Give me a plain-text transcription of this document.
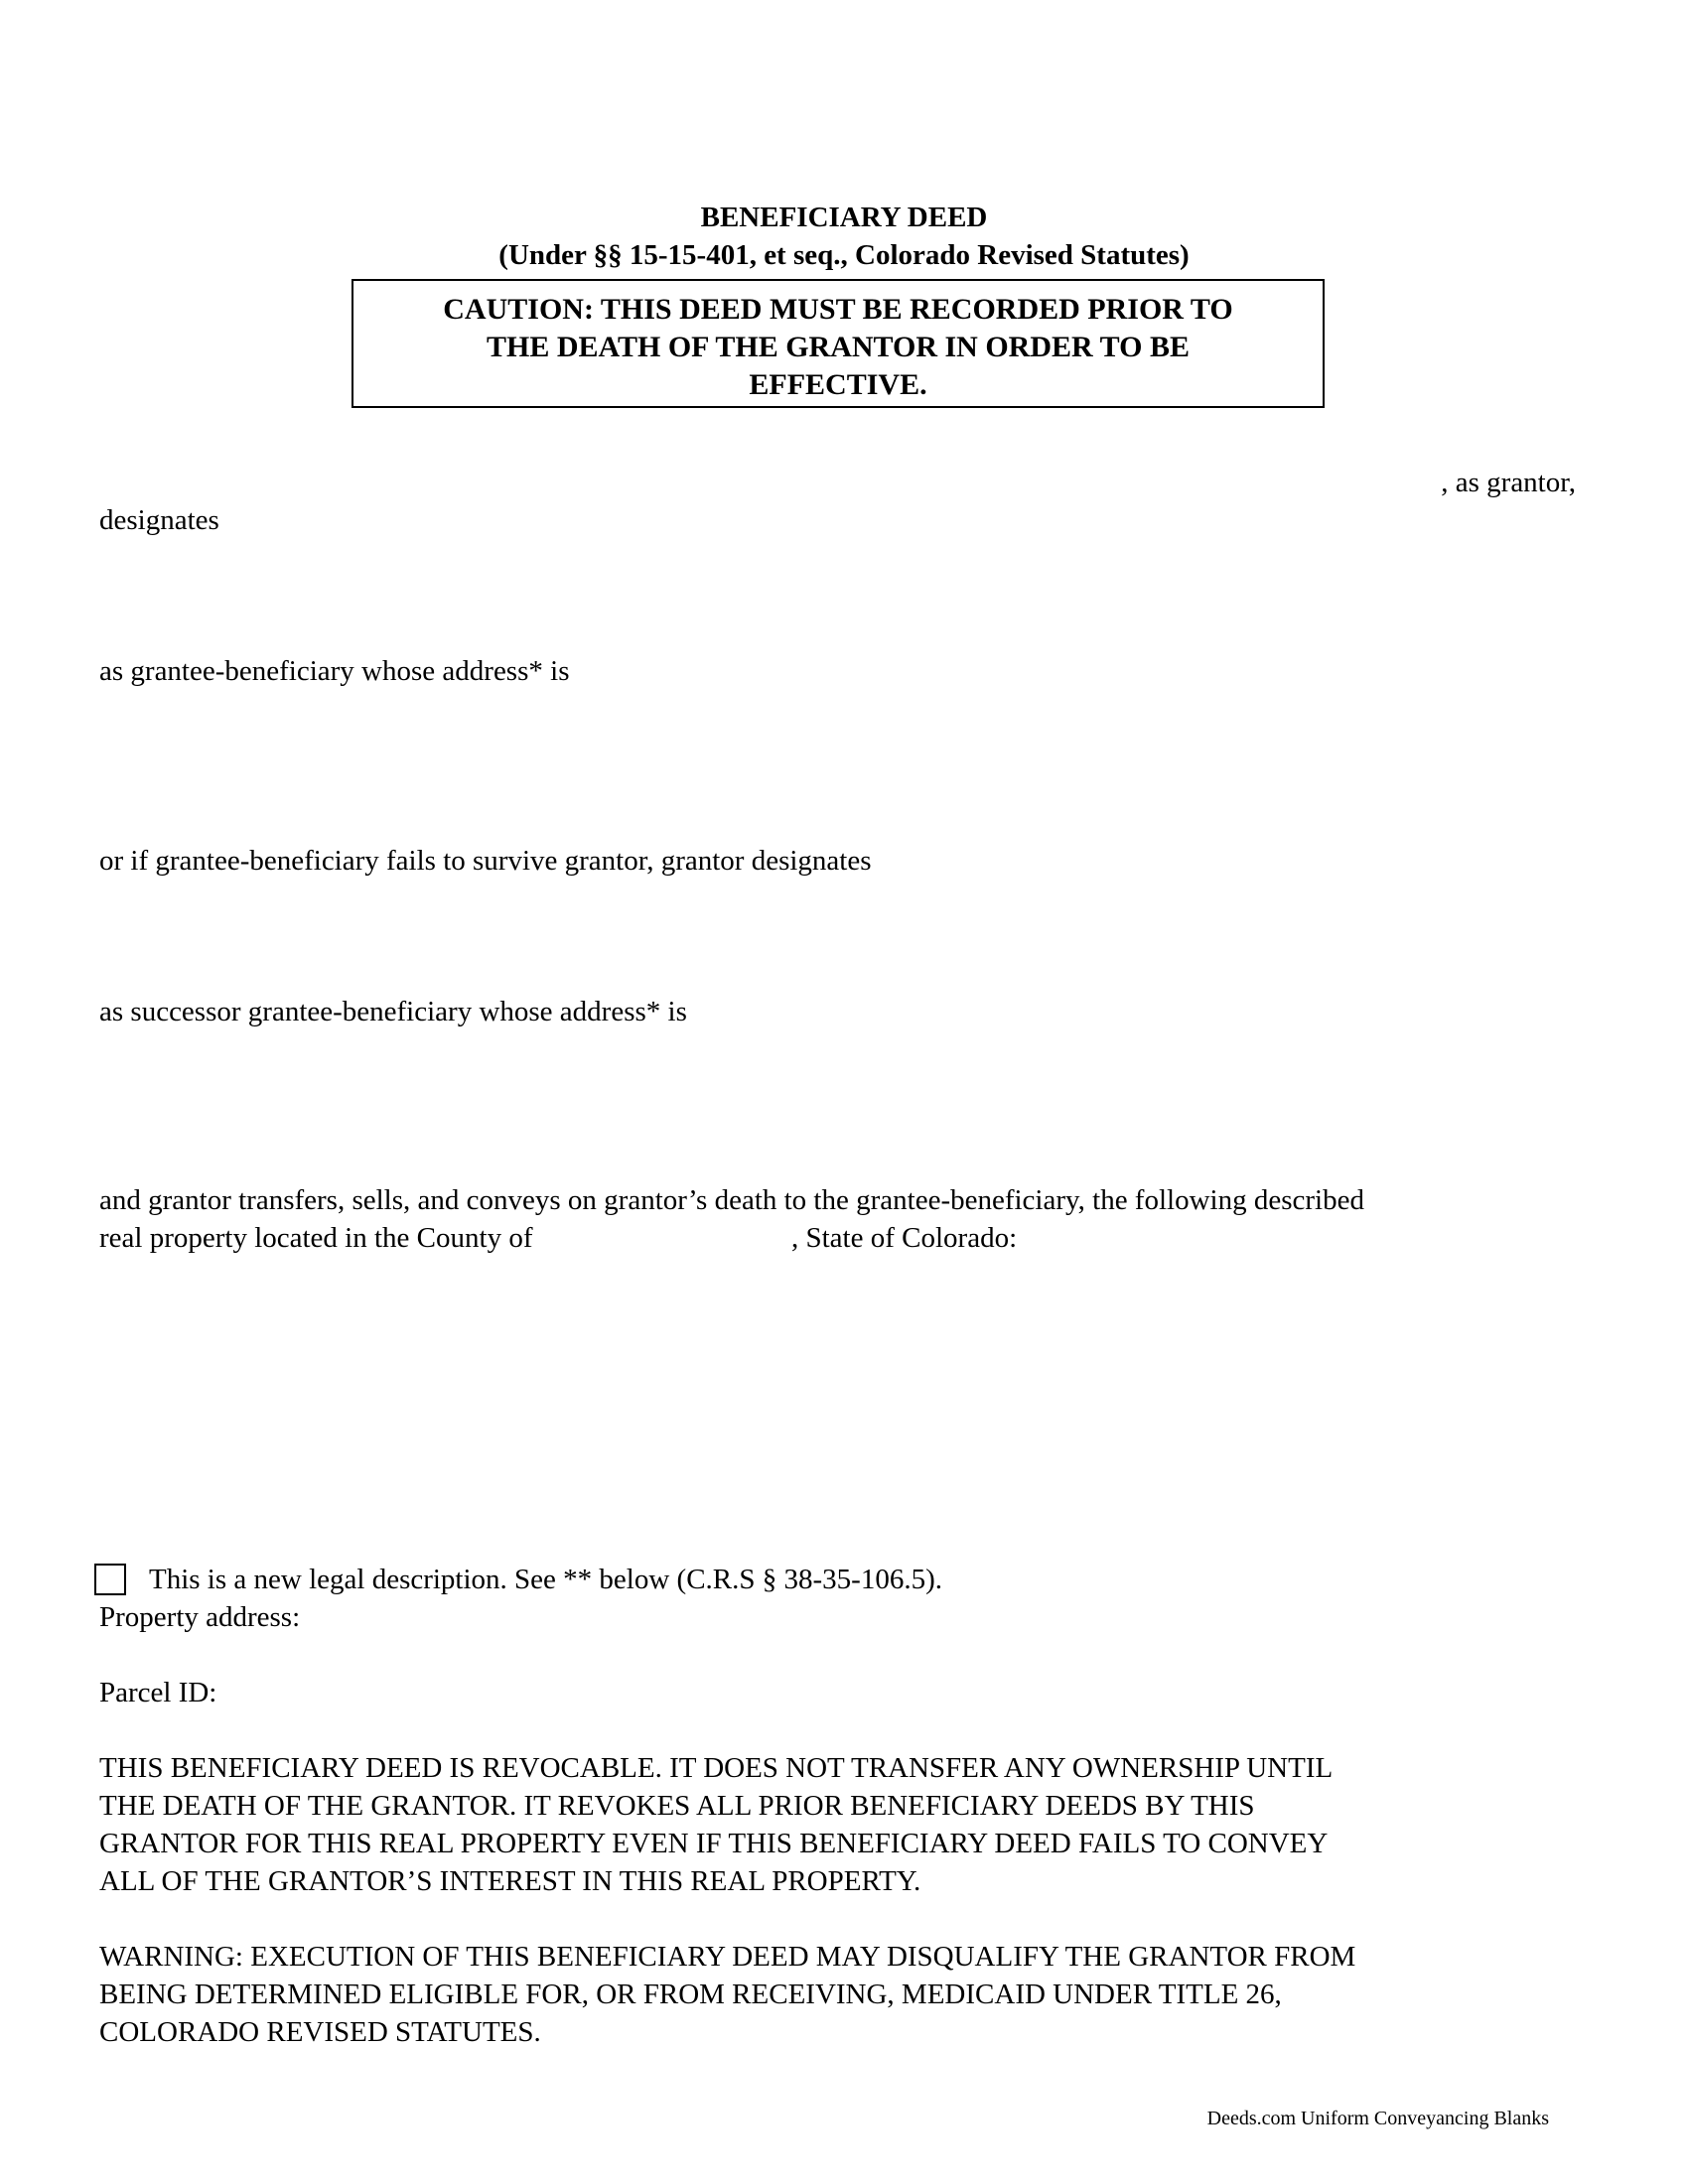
BENEFICIARY DEED
(Under §§ 15-15-401, et seq., Colorado Revised Statutes)
CAUTION: THIS DEED MUST BE RECORDED PRIOR TO
THE DEATH OF THE GRANTOR IN ORDER TO BE
EFFECTIVE.
, as grantor,
designates
as grantee-beneficiary whose address* is
or if grantee-beneficiary fails to survive grantor, grantor designates
as successor grantee-beneficiary whose address* is
and grantor transfers, sells, and conveys on grantor’s death to the grantee-beneficiary, the following described
real property located in the County of	, State of Colorado:
This is a new legal description. See ** below (C.R.S § 38-35-106.5).
Property address:
Parcel ID:
THIS BENEFICIARY DEED IS REVOCABLE. IT DOES NOT TRANSFER ANY OWNERSHIP UNTIL
THE DEATH OF THE GRANTOR. IT REVOKES ALL PRIOR BENEFICIARY DEEDS BY THIS
GRANTOR FOR THIS REAL PROPERTY EVEN IF THIS BENEFICIARY DEED FAILS TO CONVEY
ALL OF THE GRANTOR’S INTEREST IN THIS REAL PROPERTY.
WARNING: EXECUTION OF THIS BENEFICIARY DEED MAY DISQUALIFY THE GRANTOR FROM
BEING DETERMINED ELIGIBLE FOR, OR FROM RECEIVING, MEDICAID UNDER TITLE 26,
COLORADO REVISED STATUTES.
Deeds.com Uniform Conveyancing Blanks
